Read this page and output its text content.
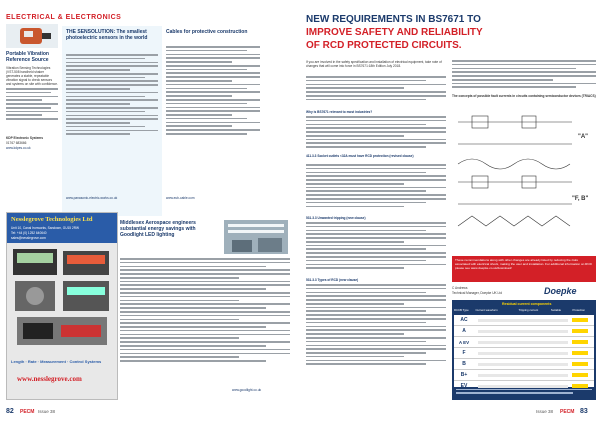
ELECTRICAL & ELECTRONICS
Portable Vibration Reference Source
Vibration Sensing Technologies (VST-508 handheld shaker generates a stable, repeatable vibration signal to check sensors and systems on site with confidence.
KDP Electronic Systems
01767 683666
www.kdpes.co.uk
THE SENSOLUTION: The smallest photoelectric sensors in the world
www.panasonic-electric-works.co.uk
Cables for protective construction
www.eub-cable.com
Nesslegrove Technologies Ltd
Unit 10, Canal Ironworks, Sandown, GU15 2RW
Tel: +44 (0) 1252 640640
sales@nesslegrove.com
Length · Rate · Measurement · Control Systems
www.nesslegrove.com
Middlesex Aerospace engineers substantial energy savings with Goodlight LED lighting
www.goodlight.co.uk
82 PECM Issue 38
NEW REQUIREMENTS IN BS7671 TO
IMPROVE SAFETY AND RELIABILITY
OF RCD PROTECTED CIRCUITS.
If you are involved in the safety specification and installation of electrical equipment, take note of changes that will come into force in BS7671:18th Edition July 2018.
Why is BS7671 relevant to most industries?
411.3.3 Socket outlets <32A must have RCD protection (revised clause)
531.3.3 Unwanted tripping (new clause)
531.3.3 Types of RCD (new clause)
The concepts of possible fault currents in circuits containing semiconductor devices (TRIACS)
"A"
"F, B"
These recommendations along with other changes are already listed by reducing the risks associated with electrical shock, making the user and installation. For additional information on RCD please see www.doepke.co.uk/download/
C Andrews
Technical Manager, Doepke UK Ltd	Doepke
Residual current components
RCCB Type	Current waveform	Tripping current	Suitable	Protection
AC
A
A EV
F
B
B+
EV
Issue 38 PECM 83
